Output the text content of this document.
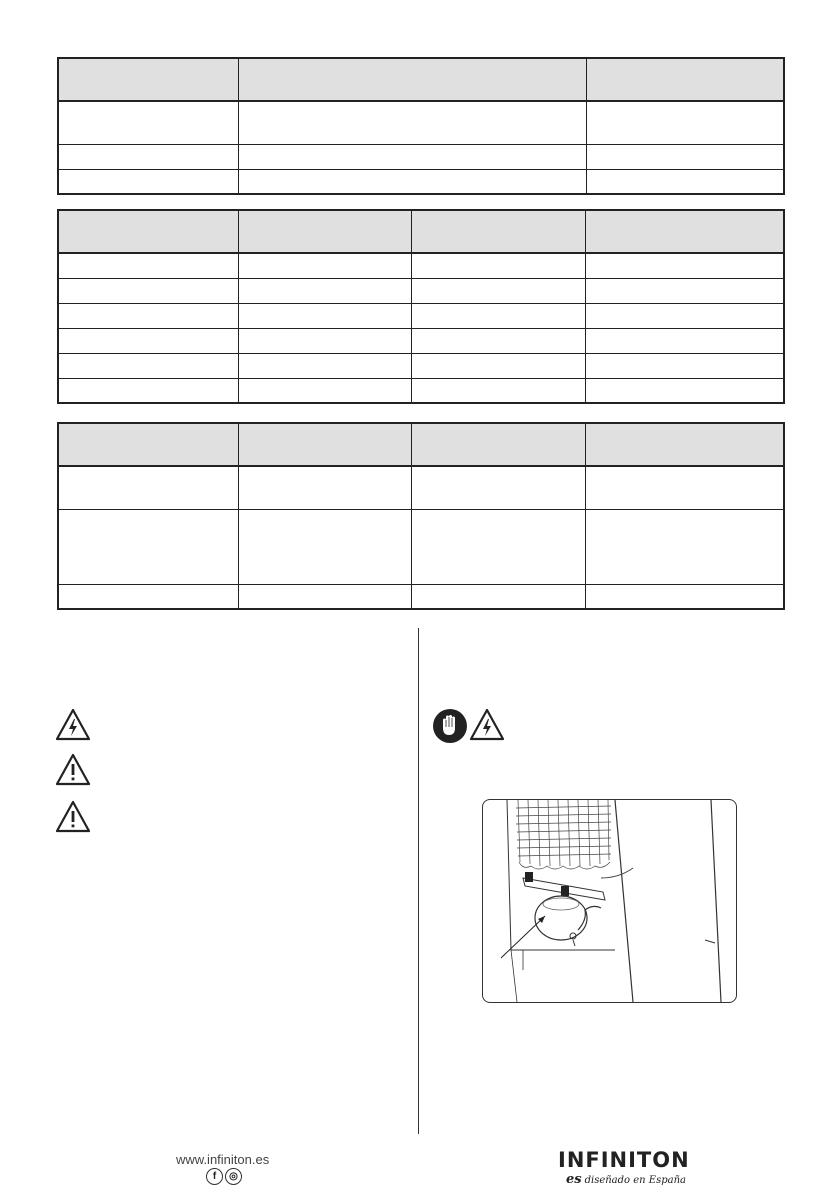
www.infiniton.es
f	◎
INFINITON
es diseñado en España
